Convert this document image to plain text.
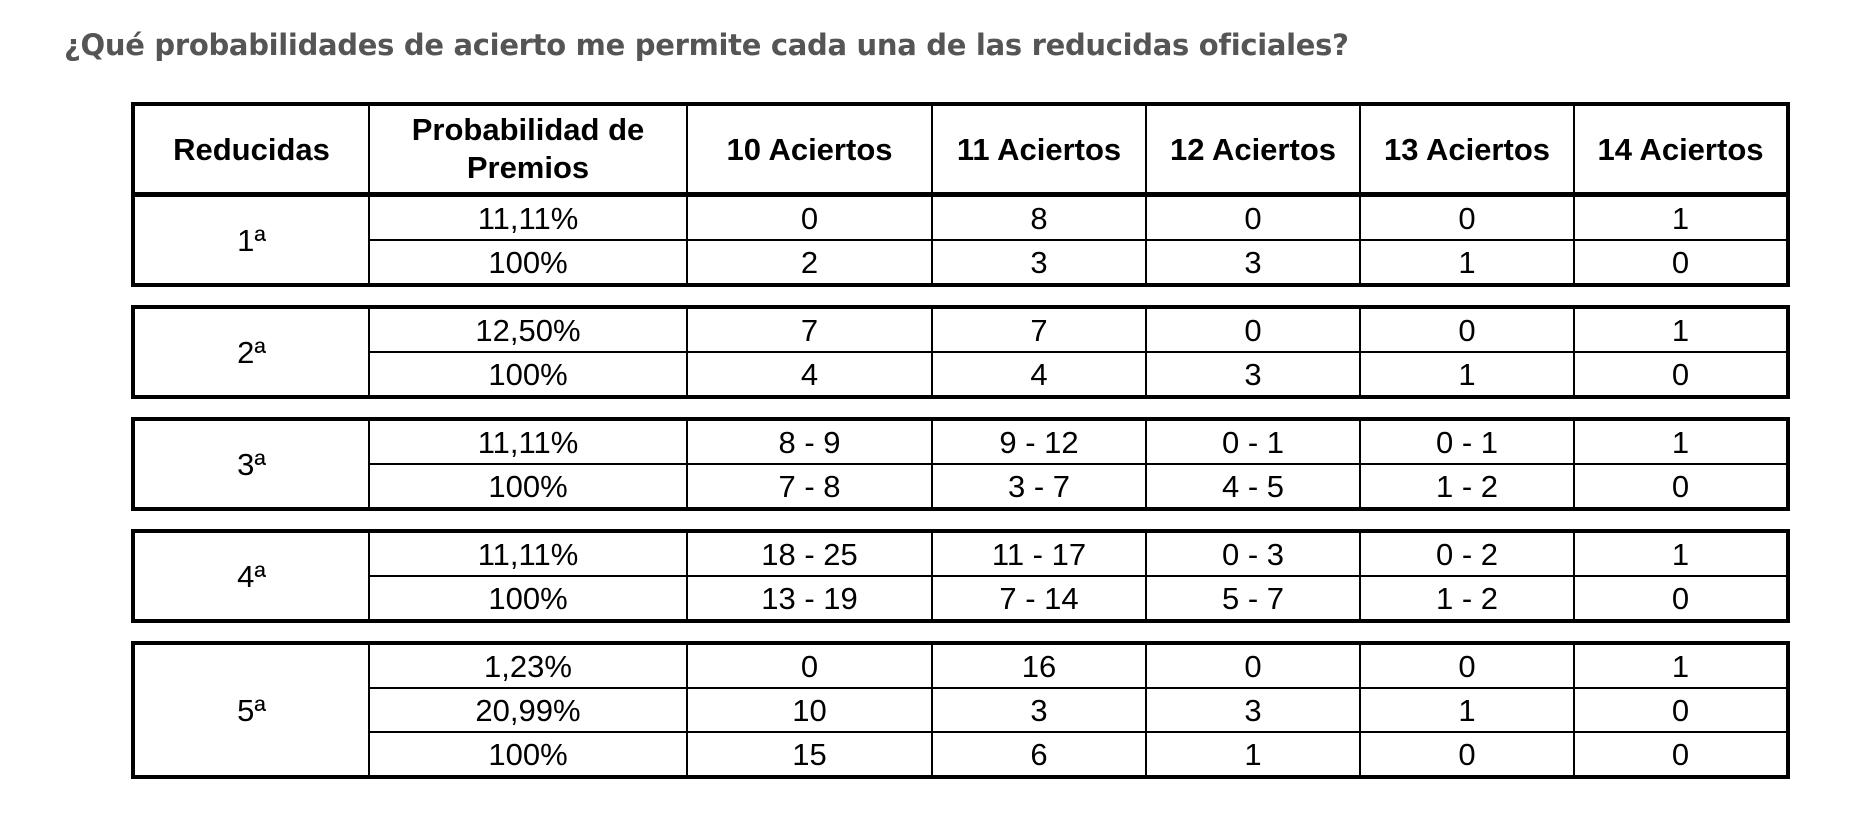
¿Qué probabilidades de acierto me permite cada una de las reducidas oficiales?
Reducidas	Probabilidad de Premios	10 Aciertos	11 Aciertos	12 Aciertos	13 Aciertos	14 Aciertos
1ª	11,11%	0	8	0	0	1
	100%	2	3	3	1	0
2ª	12,50%	7	7	0	0	1
	100%	4	4	3	1	0
3ª	11,11%	8 - 9	9 - 12	0 - 1	0 - 1	1
	100%	7 - 8	3 - 7	4 - 5	1 - 2	0
4ª	11,11%	18 - 25	11 - 17	0 - 3	0 - 2	1
	100%	13 - 19	7 - 14	5 - 7	1 - 2	0
5ª	1,23%	0	16	0	0	1
	20,99%	10	3	3	1	0
	100%	15	6	1	0	0
